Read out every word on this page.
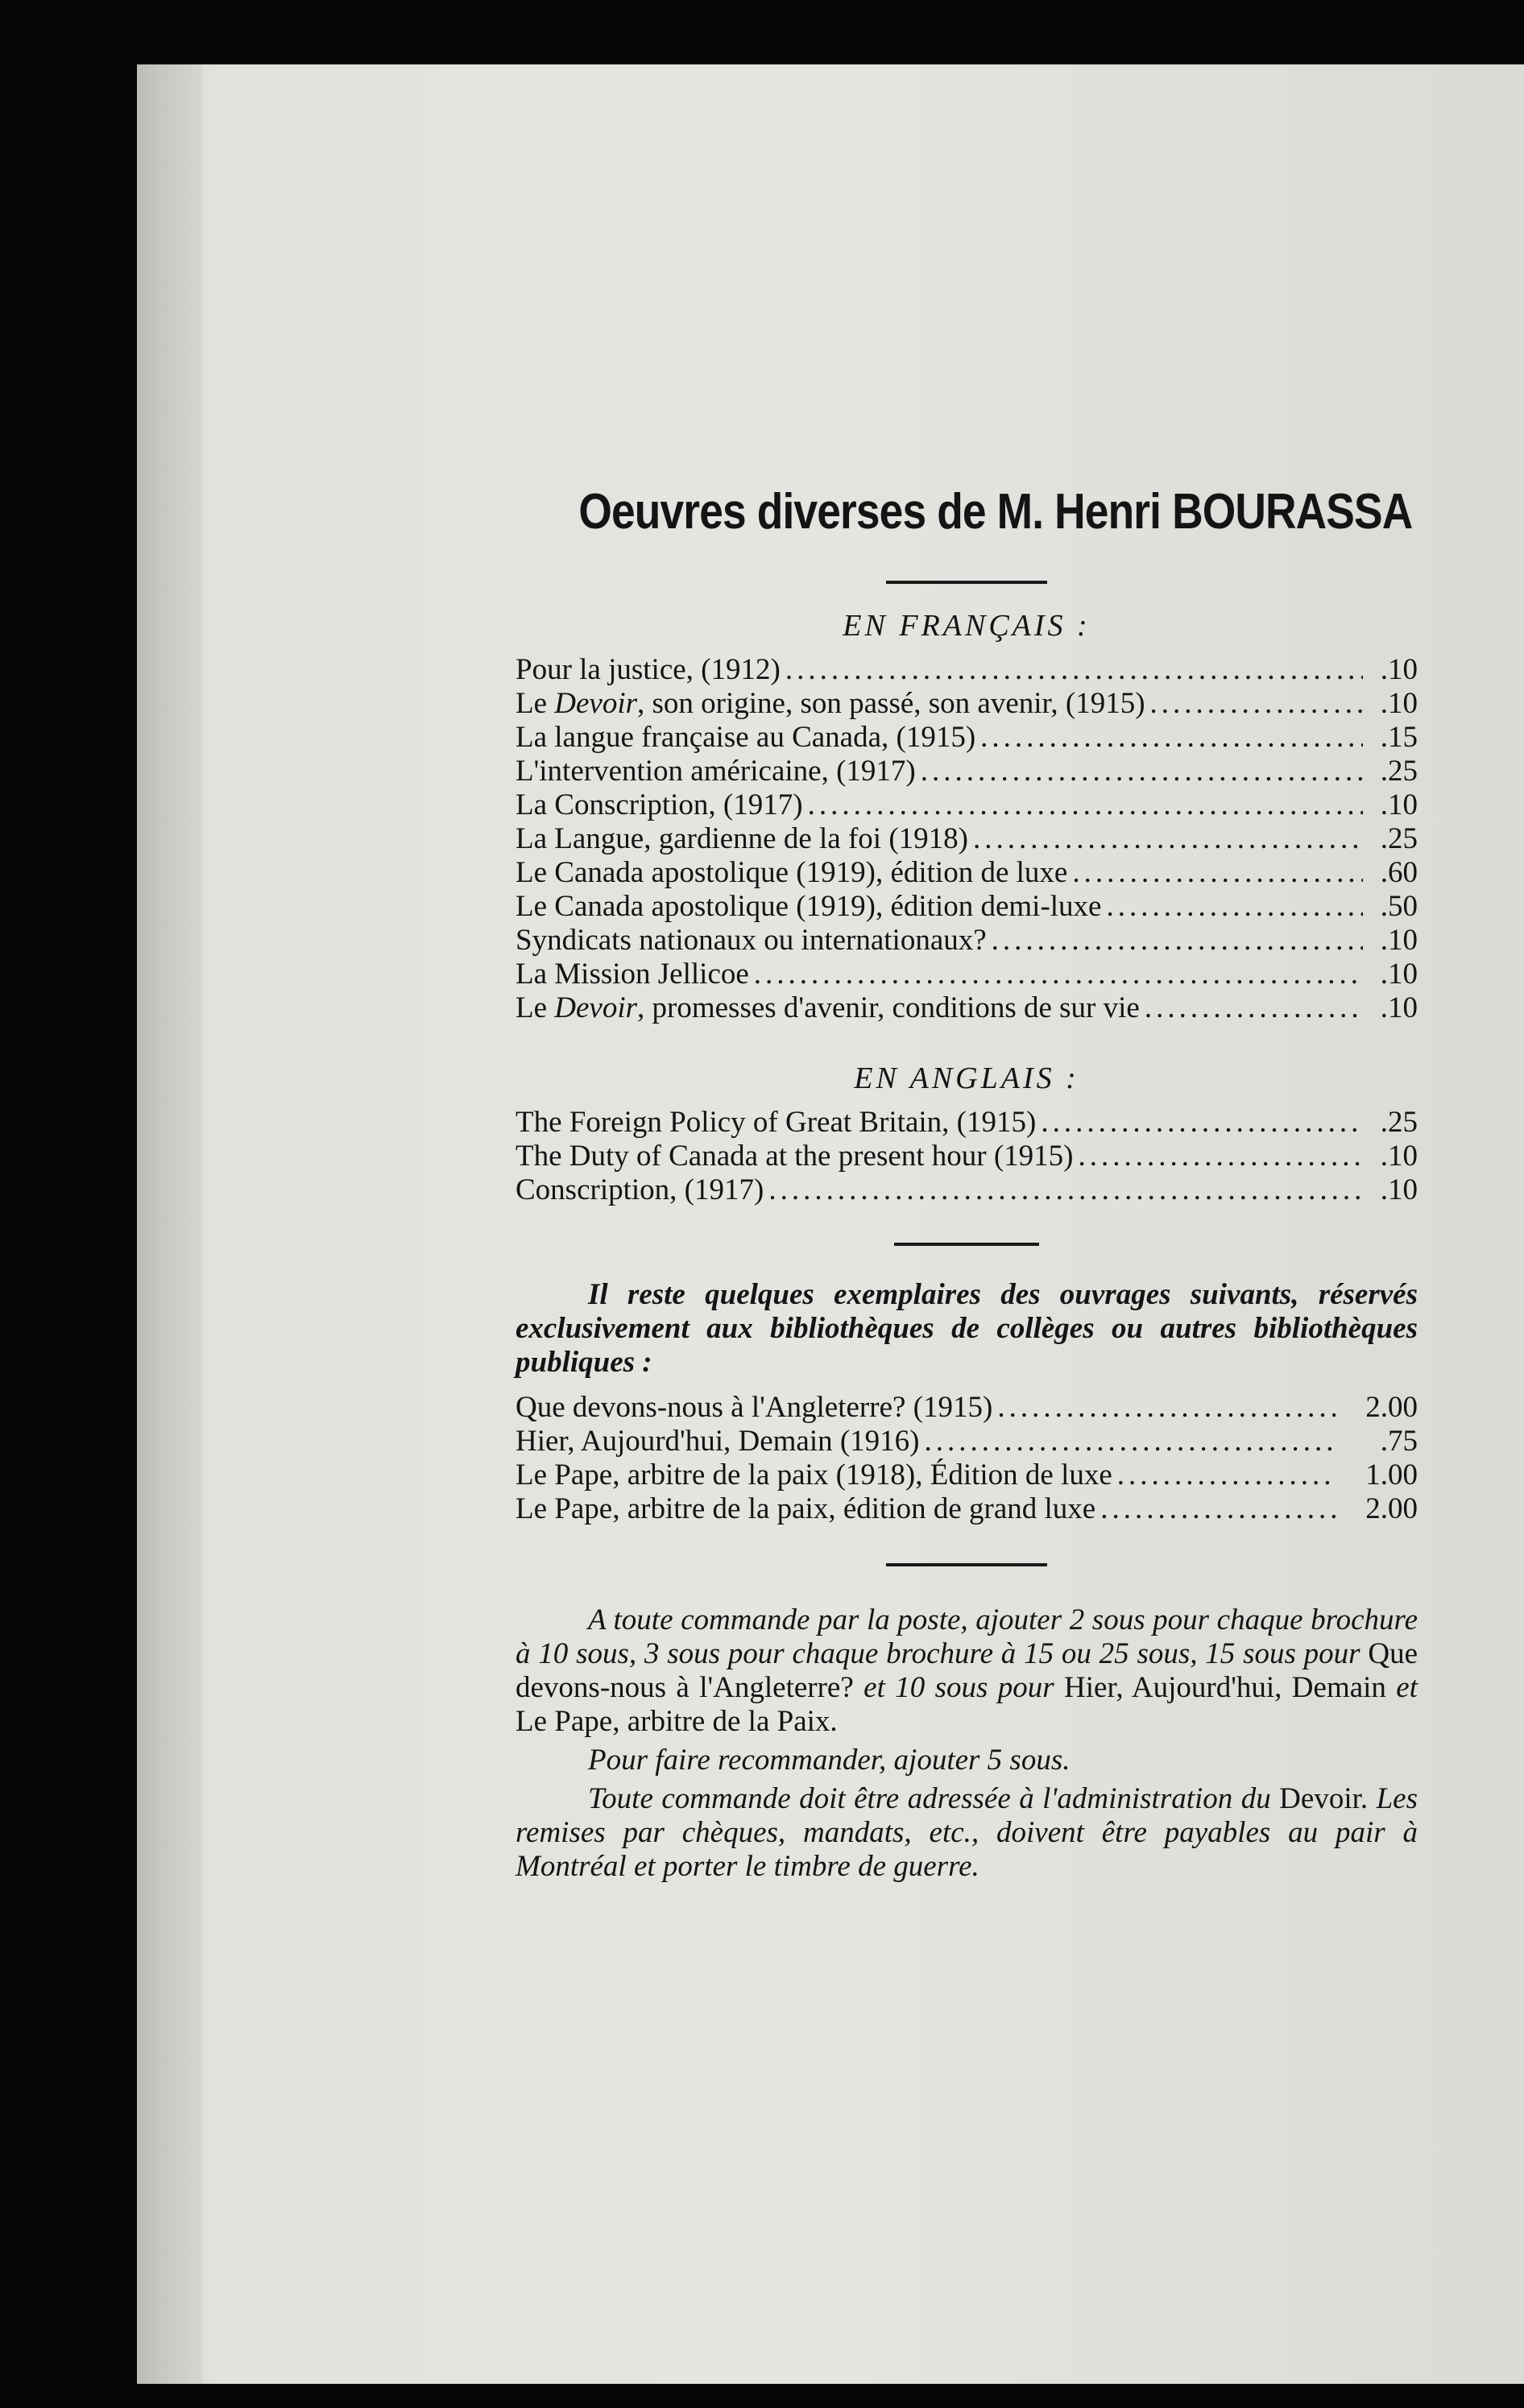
Oeuvres diverses de M. Henri BOURASSA
EN FRANÇAIS :
Pour la justice, (1912) .....	.10
Le Devoir, son origine, son passé, son avenir, (1915) .....	.10
La langue française au Canada, (1915) .....	.15
L'intervention américaine, (1917) .....	.25
La Conscription, (1917) .....	.10
La Langue, gardienne de la foi (1918) .....	.25
Le Canada apostolique (1919), édition de luxe .....	.60
Le Canada apostolique (1919), édition demi-luxe .....	.50
Syndicats nationaux ou internationaux? .....	.10
La Mission Jellicoe .....	.10
Le Devoir, promesses d'avenir, conditions de sur vie .....	.10
EN ANGLAIS :
The Foreign Policy of Great Britain, (1915) .....	.25
The Duty of Canada at the present hour (1915) .....	.10
Conscription, (1917) .....	.10

Il reste quelques exemplaires des ouvrages suivants, réservés exclusivement aux bibliothèques de collèges ou autres bibliothèques publiques :

Que devons-nous à l'Angleterre? (1915) .....	2.00
Hier, Aujourd'hui, Demain (1916) .....	.75
Le Pape, arbitre de la paix (1918), Édition de luxe .....	1.00
Le Pape, arbitre de la paix, édition de grand luxe .....	2.00

A toute commande par la poste, ajouter 2 sous pour chaque brochure à 10 sous, 3 sous pour chaque brochure à 15 ou 25 sous, 15 sous pour Que devons-nous à l'Angleterre? et 10 sous pour Hier, Aujourd'hui, Demain et Le Pape, arbitre de la Paix.

Pour faire recommander, ajouter 5 sous.

Toute commande doit être adressée à l'administration du Devoir. Les remises par chèques, mandats, etc., doivent être payables au pair à Montréal et porter le timbre de guerre.
